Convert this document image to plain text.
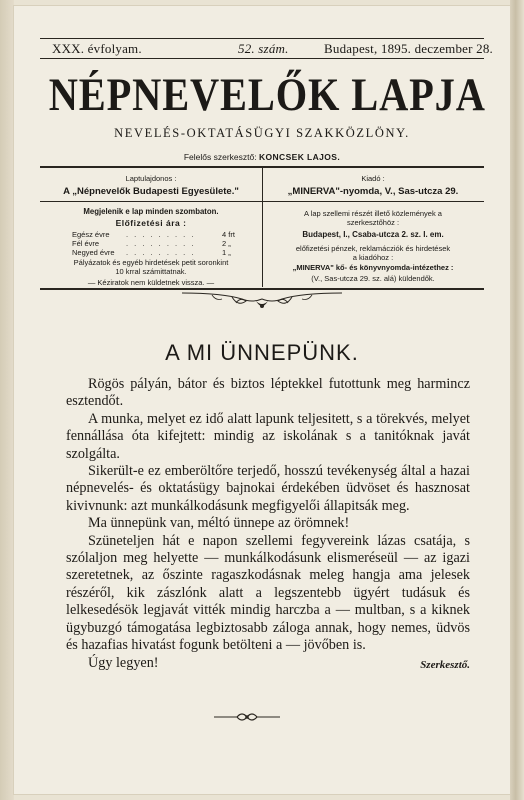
XXX. évfolyam.	52. szám.	Budapest, 1895. deczember 28.
NÉPNEVELŐK LAPJA
NEVELÉS-OKTATÁSÜGYI SZAKKÖZLÖNY.
Felelős szerkesztő: KONCSEK LAJOS.
Laptulajdonos :
A „Népnevelők Budapesti Egyesülete."
Kiadó :
„MINERVA"-nyomda, V., Sas-utcza 29.
Megjelenik e lap minden szombaton.
Előfizetési ára :
Egész évre . . . . . . . . .	4 frt
Fél évre	. . . . . . . . .	2 „
Negyed évre . . . . . . . . .	1 „
Pályázatok és egyéb hirdetések petit soronkint
10 krral számittatnak.
— Kéziratok nem küldetnek vissza. —
A lap szellemi részét illető közlemények a
szerkesztőhöz :
Budapest, I., Csaba-utcza 2. sz. I. em.
előfizetési pénzek, reklamácziók és hirdetések
a kiadóhoz :
„MINERVA" kő- és könyvnyomda-intézethez :
(V., Sas-utcza 29. sz. alá) küldendők.
A MI ÜNNEPÜNK.

Rögös pályán, bátor és biztos léptekkel futottunk meg harmincz esztendőt.

A munka, melyet ez idő alatt lapunk teljesitett, s a törekvés, melyet fennállása óta kifejtett: mindig az iskolának s a tanitóknak javát szolgálta.

Sikerült-e ez emberöltőre terjedő, hosszú tevékenység által a hazai népnevelés- és oktatásügy bajnokai érdekében üdvöset és hasznosat kivivnunk: azt munkálkodásunk megfigyelői állapitsák meg.

Ma ünnepünk van, méltó ünnepe az örömnek!

Szüneteljen hát e napon szellemi fegyvereink lázas csatája, s szólaljon meg helyette — munkálkodásunk elismeréseül — az igazi szeretetnek, az őszinte ragaszkodásnak meleg hangja ama jelesek részéről, kik zászlónk alatt a legszentebb ügyért tudásuk és lelkesedésök legjavát vitték mindig harczba a — multban, s a kiknek ügybuzgó támogatása legbiztosabb záloga annak, hogy nemes, üdvös és hazafias hivatást fogunk betölteni a — jövőben is.

Úgy legyen!	Szerkesztő.
